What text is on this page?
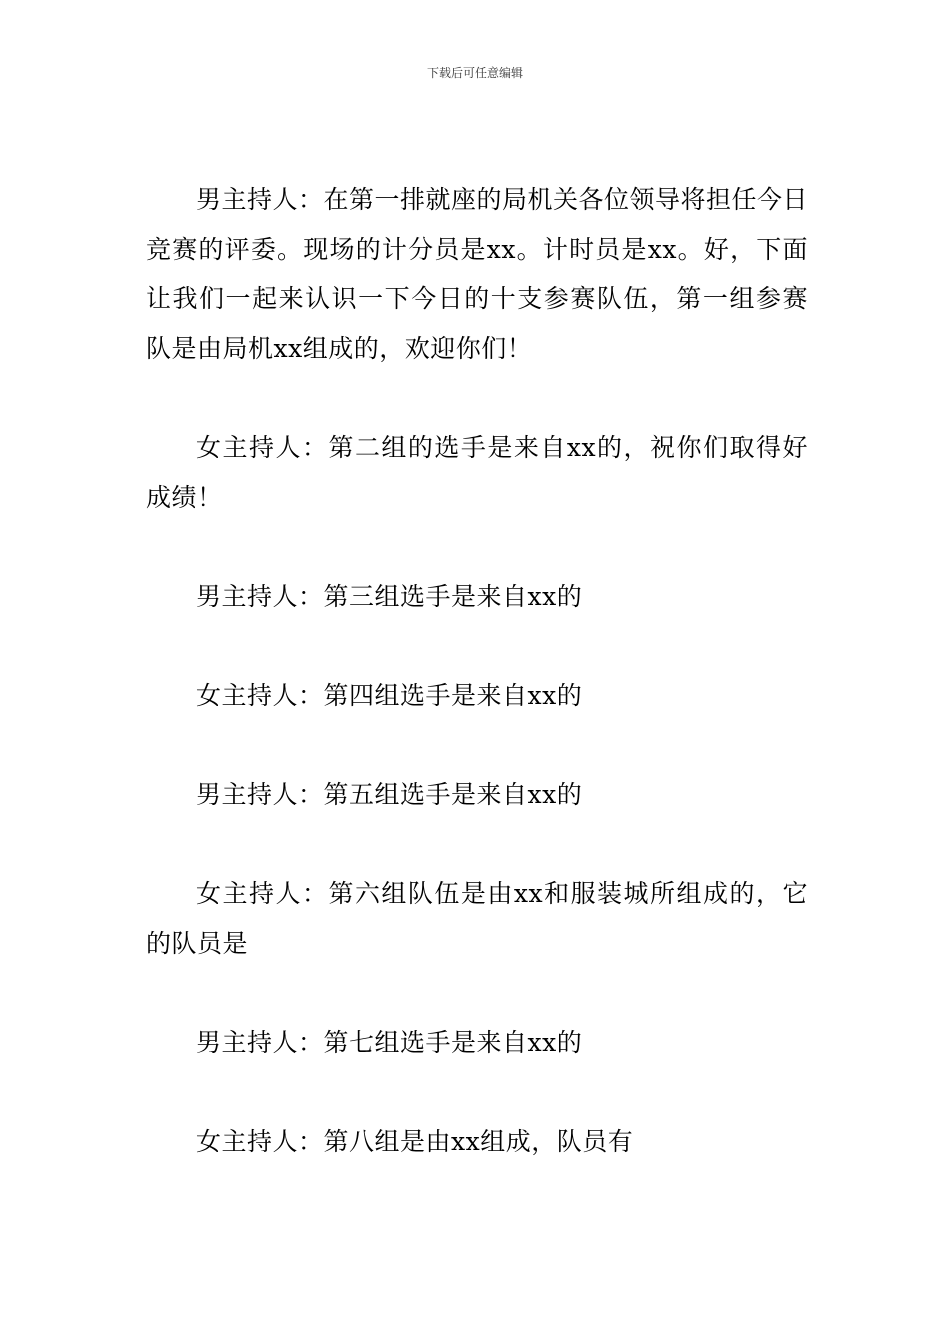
下载后可任意编辑

男主持人：在第一排就座的局机关各位领导将担任今日竞赛的评委。现场的计分员是xx。计时员是xx。好，下面让我们一起来认识一下今日的十支参赛队伍，第一组参赛队是由局机xx组成的，欢迎你们！

女主持人：第二组的选手是来自xx的，祝你们取得好成绩！

男主持人：第三组选手是来自xx的

女主持人：第四组选手是来自xx的

男主持人：第五组选手是来自xx的

女主持人：第六组队伍是由xx和服装城所组成的，它的队员是

男主持人：第七组选手是来自xx的

女主持人：第八组是由xx组成，队员有
